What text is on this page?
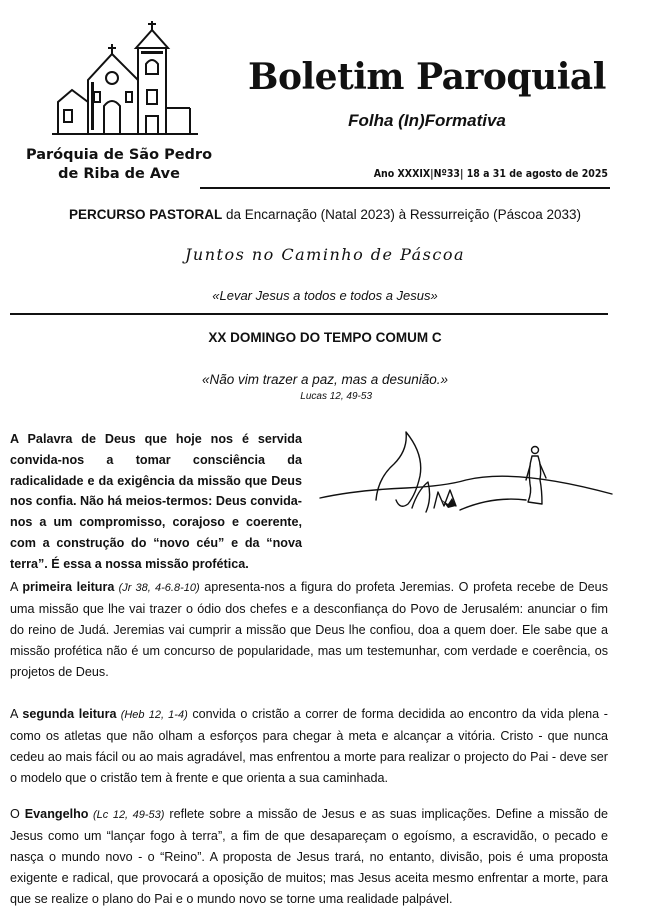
Paróquia de São Pedro
de Riba de Ave
Boletim Paroquial
Folha (In)Formativa
Ano XXXIX|Nº33| 18 a 31 de agosto de 2025
PERCURSO PASTORAL da Encarnação (Natal 2023) à Ressurreição (Páscoa 2033)
Juntos no Caminho de Páscoa
«Levar Jesus a todos e todos a Jesus»
XX DOMINGO DO TEMPO COMUM C
«Não vim trazer a paz, mas a desunião.»
Lucas 12, 49-53
A Palavra de Deus que hoje nos é servida convida-nos a tomar consciência da radicalidade e da exigência da missão que Deus nos confia. Não há meios-termos: Deus convida-nos a um compromisso, corajoso e coerente, com a construção do “novo céu” e da “nova terra”. É essa a nossa missão profética.
A primeira leitura (Jr 38, 4-6.8-10) apresenta-nos a figura do profeta Jeremias. O profeta recebe de Deus uma missão que lhe vai trazer o ódio dos chefes e a desconfiança do Povo de Jerusalém: anunciar o fim do reino de Judá. Jeremias vai cumprir a missão que Deus lhe confiou, doa a quem doer. Ele sabe que a missão profética não é um concurso de popularidade, mas um testemunhar, com verdade e coerência, os projetos de Deus.
A segunda leitura (Heb 12, 1-4) convida o cristão a correr de forma decidida ao encontro da vida plena - como os atletas que não olham a esforços para chegar à meta e alcançar a vitória. Cristo - que nunca cedeu ao mais fácil ou ao mais agradável, mas enfrentou a morte para realizar o projecto do Pai - deve ser o modelo que o cristão tem à frente e que orienta a sua caminhada.
O Evangelho (Lc 12, 49-53) reflete sobre a missão de Jesus e as suas implicações. Define a missão de Jesus como um “lançar fogo à terra”, a fim de que desapareçam o egoísmo, a escravidão, o pecado e nasça o mundo novo - o “Reino”. A proposta de Jesus trará, no entanto, divisão, pois é uma proposta exigente e radical, que provocará a oposição de muitos; mas Jesus aceita mesmo enfrentar a morte, para que se realize o plano do Pai e o mundo novo se torne uma realidade palpável.
